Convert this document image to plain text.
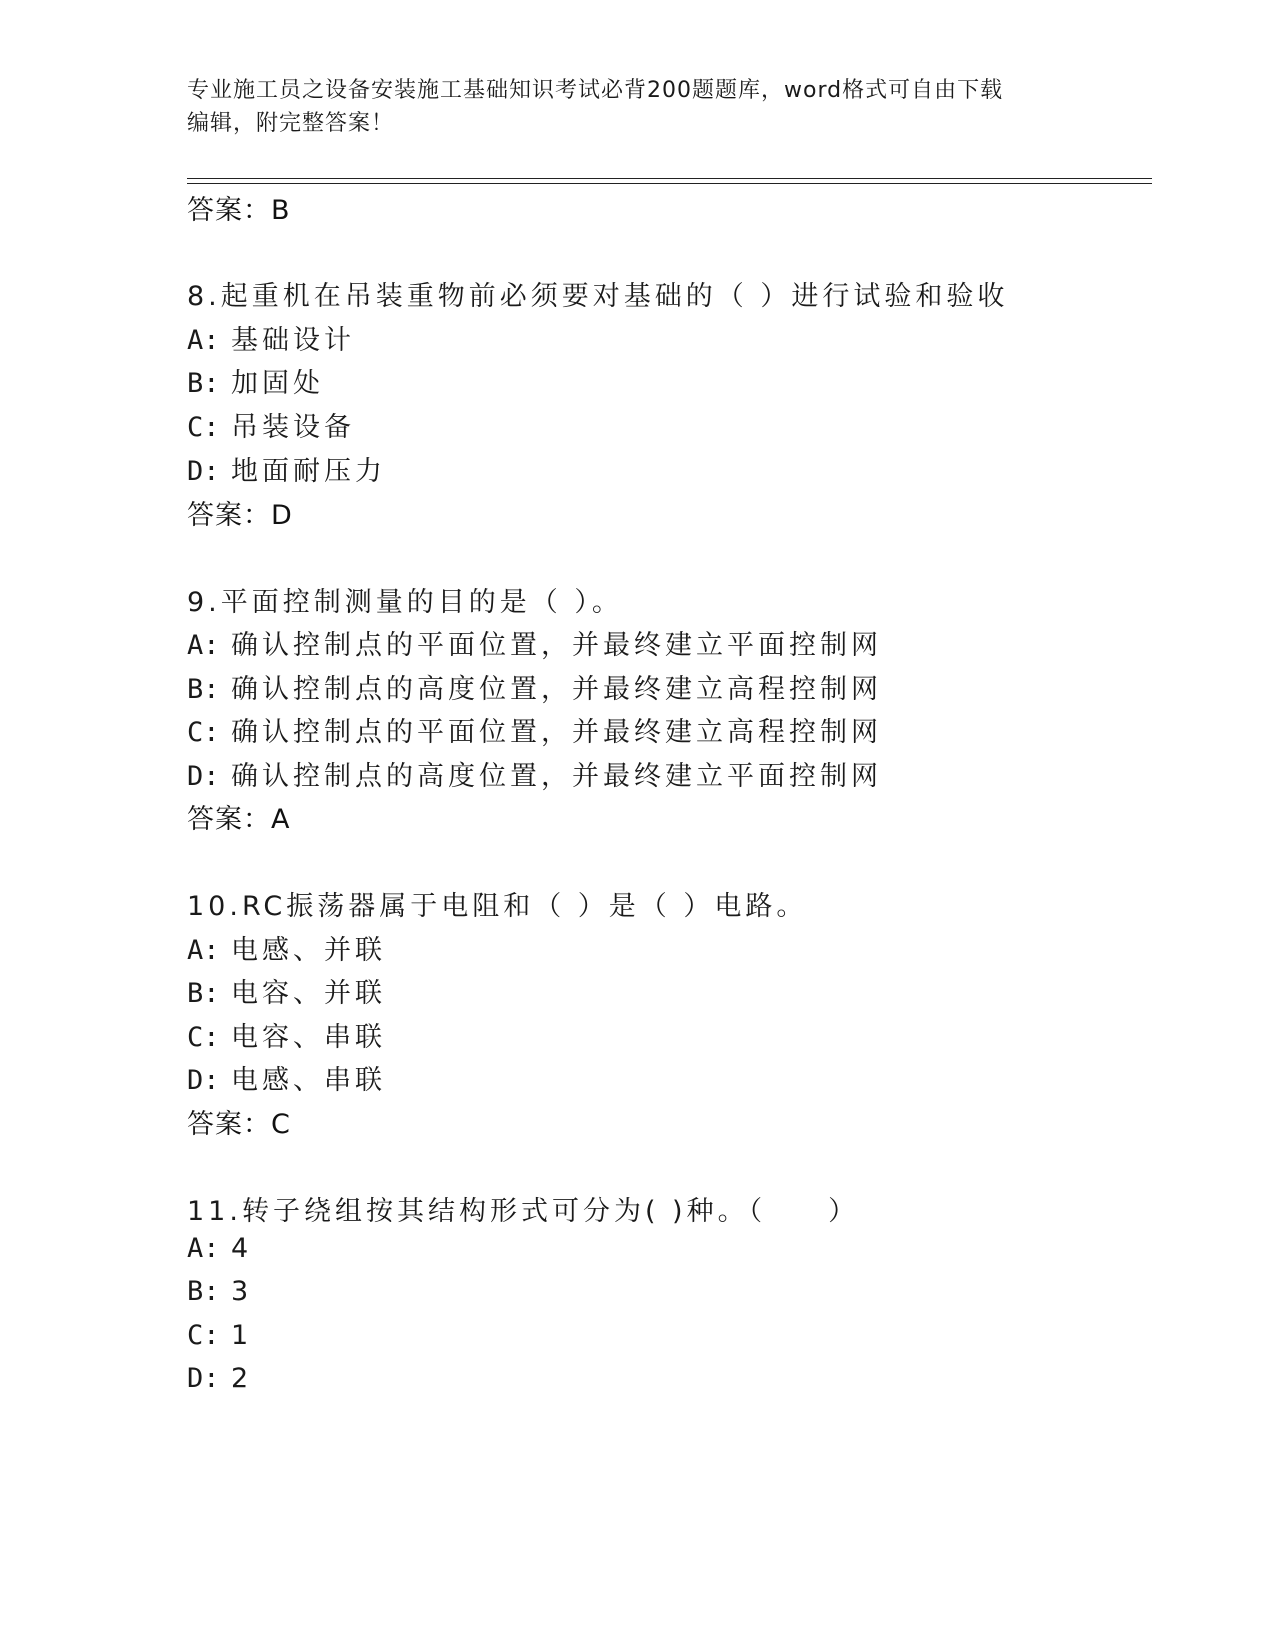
专业施工员之设备安装施工基础知识考试必背200题题库，word格式可自由下载
编辑，附完整答案！
答案：B
8.起重机在吊装重物前必须要对基础的（ ）进行试验和验收
A: 基础设计
B: 加固处
C: 吊装设备
D: 地面耐压力
答案：D
9.平面控制测量的目的是（ ）。
A: 确认控制点的平面位置，并最终建立平面控制网
B: 确认控制点的高度位置，并最终建立高程控制网
C: 确认控制点的平面位置，并最终建立高程控制网
D: 确认控制点的高度位置，并最终建立平面控制网
答案：A
10.RC振荡器属于电阻和（ ）是（ ）电路。
A: 电感、并联
B: 电容、并联
C: 电容、串联
D: 电感、串联
答案：C
11.转子绕组按其结构形式可分为( )种。（　　）
A: 4
B: 3
C: 1
D: 2
